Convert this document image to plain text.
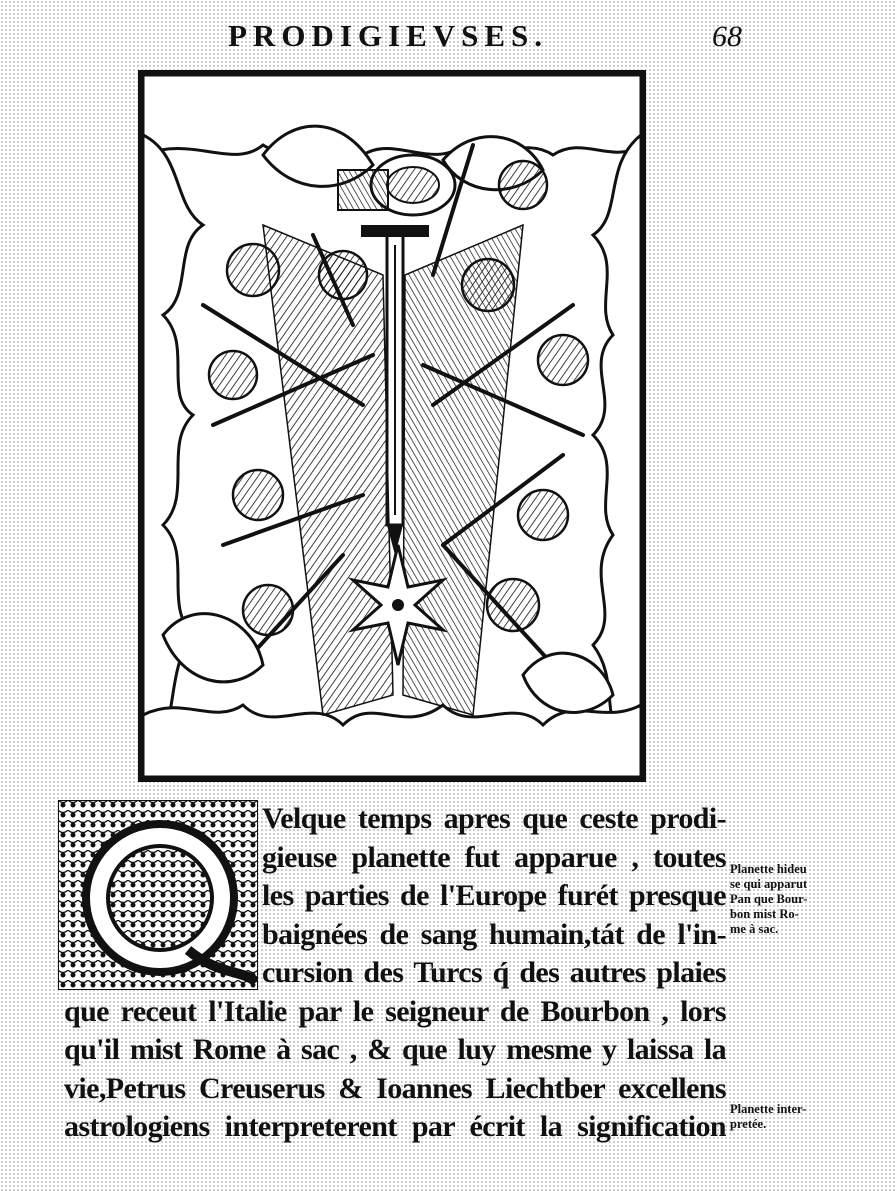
PRODIGIEVSES.	68
Velque temps apres que ceste prodi-
gieuse planette fut apparue , toutes
les parties de l'Europe furét presque
baignées de sang humain,tát de l'in-
cursion des Turcs q́ des autres plaies
que receut l'Italie par le seigneur de Bourbon , lors
qu'il mist Rome à sac , & que luy mesme y laissa la
vie,Petrus Creuserus & Ioannes Liechtber excellens
astrologiens interpreterent par écrit la signification
Planette hideu
se qui apparut
Pan que Bour-
bon mist Ro-
me à sac.
Planette inter-
pretée.
